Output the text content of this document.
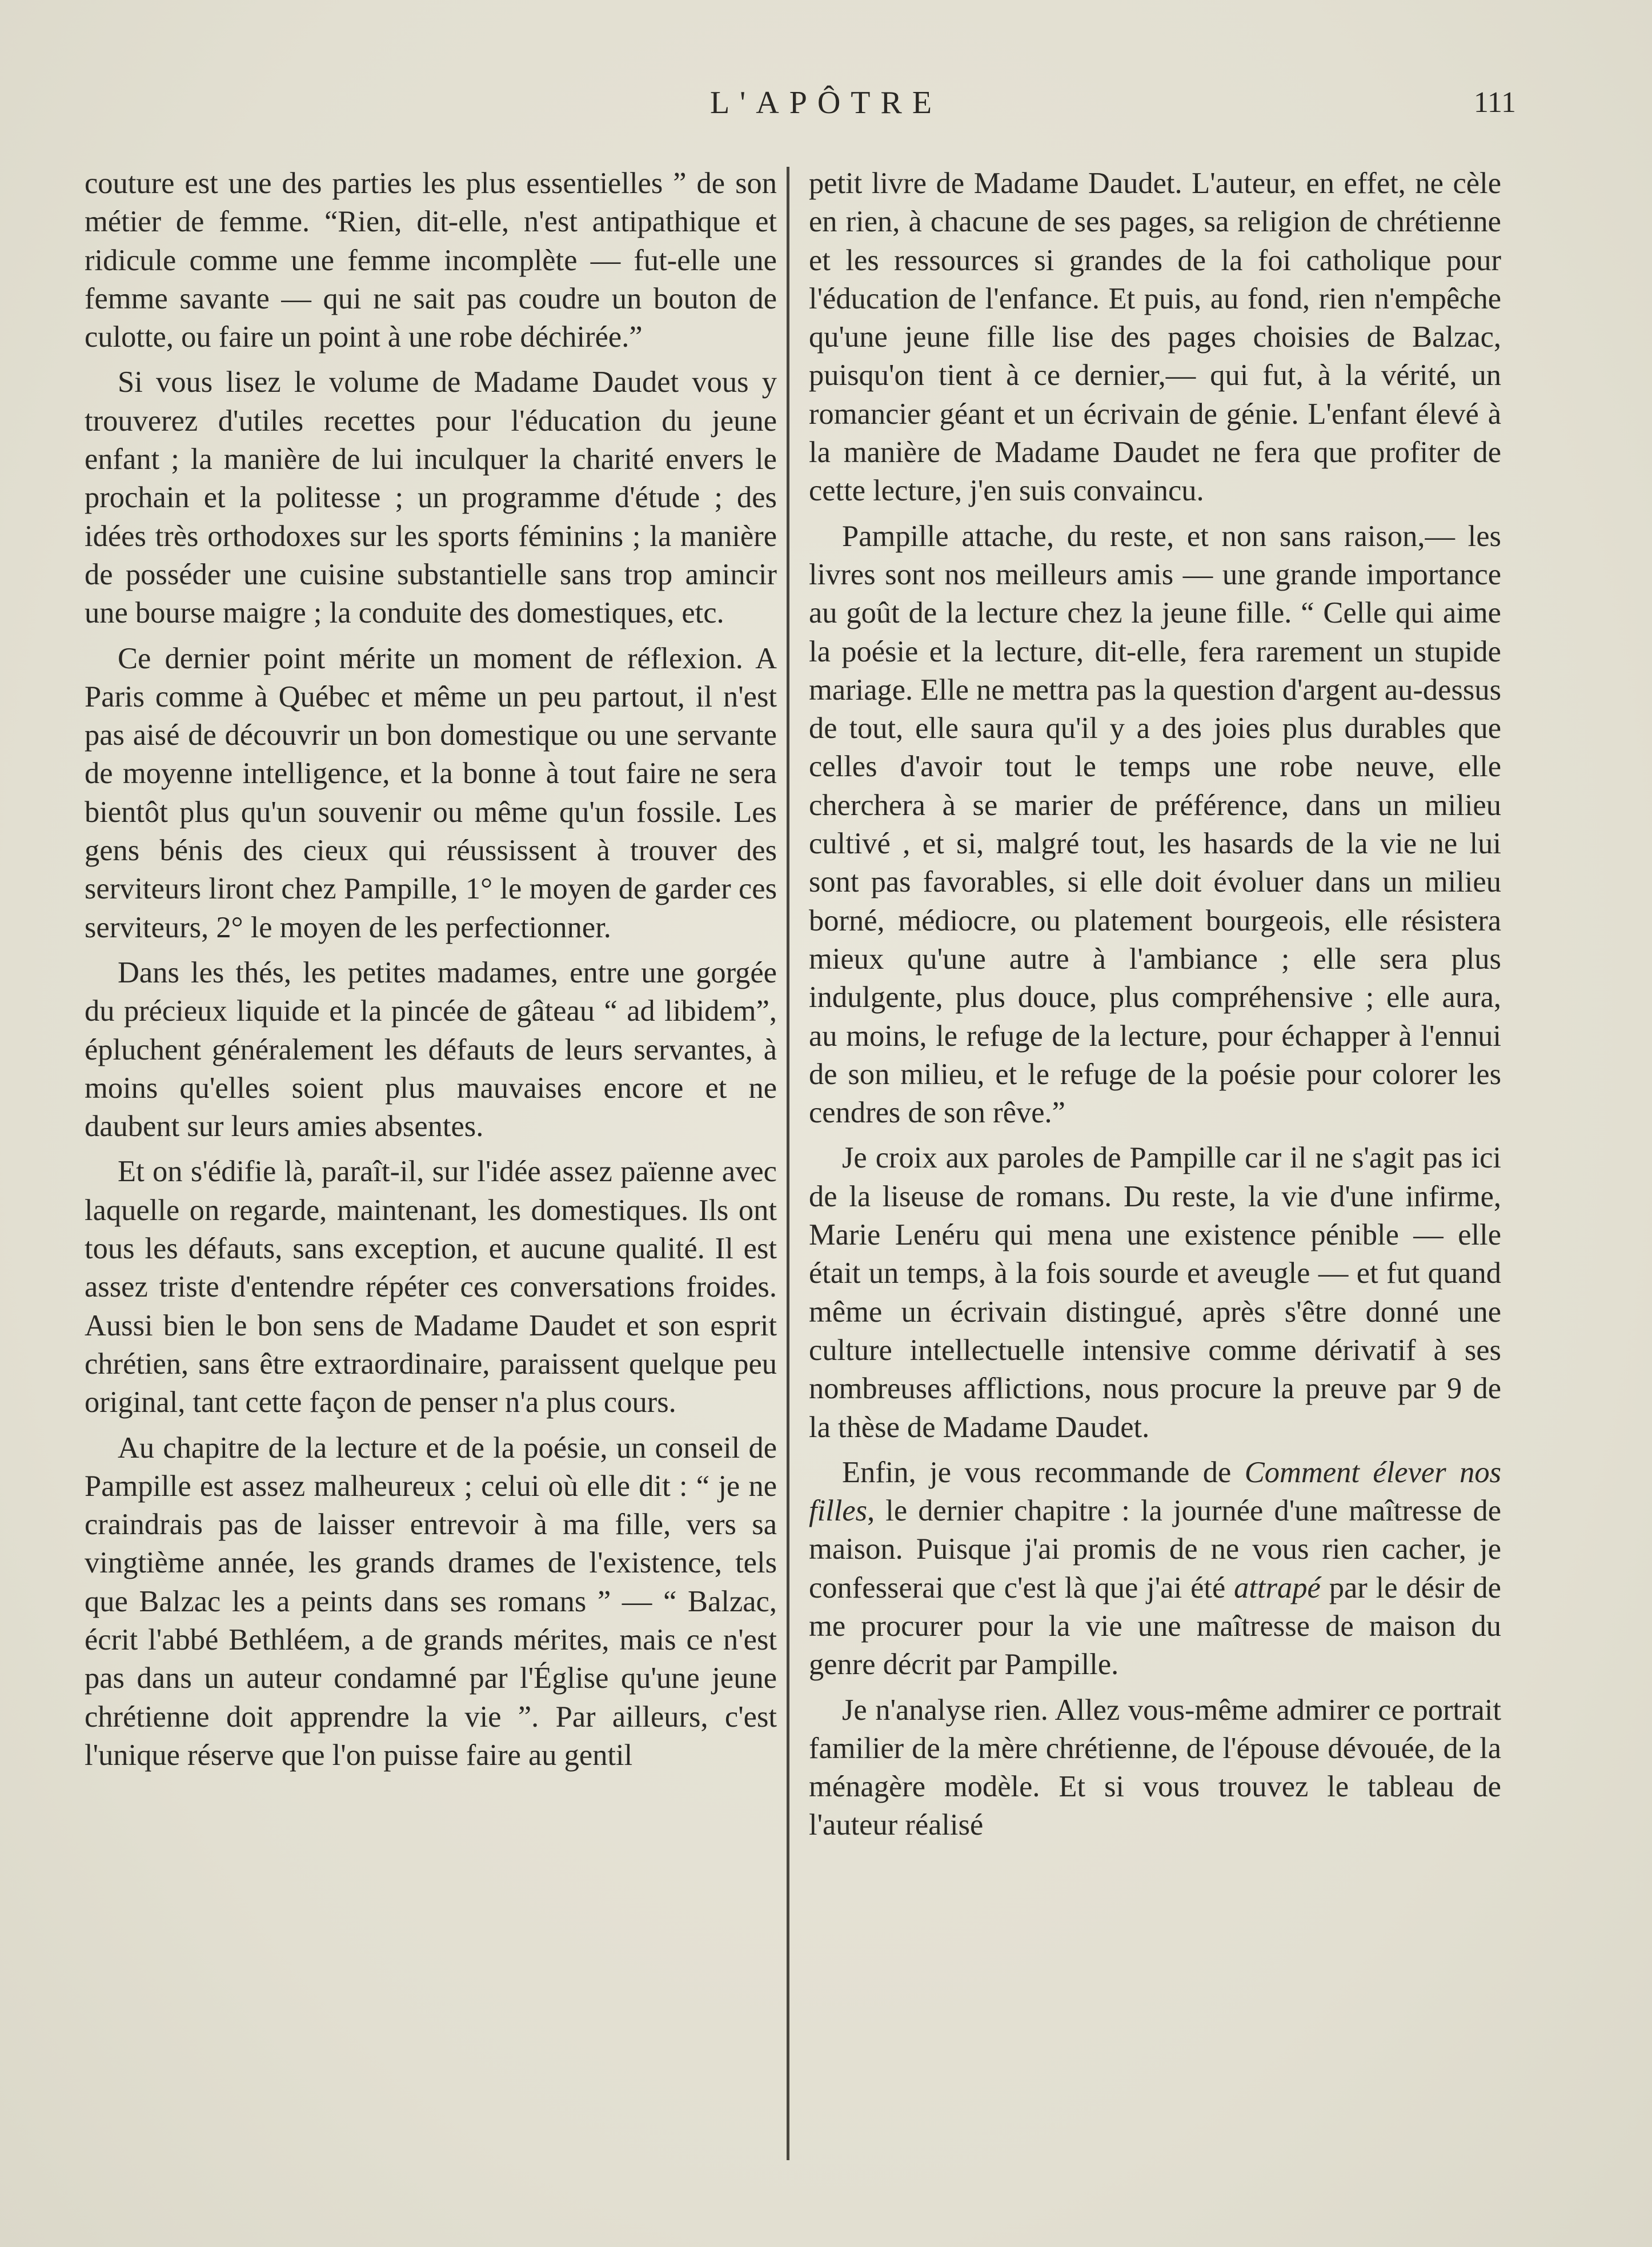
L'APÔTRE	111

couture est une des parties les plus essentielles ” de son métier de femme. “Rien, dit-elle, n'est antipathique et ridicule comme une femme incomplète — fut-elle une femme savante — qui ne sait pas coudre un bouton de culotte, ou faire un point à une robe déchirée.”

Si vous lisez le volume de Madame Daudet vous y trouverez d'utiles recettes pour l'éducation du jeune enfant ; la manière de lui inculquer la charité envers le prochain et la politesse ; un programme d'étude ; des idées très orthodoxes sur les sports féminins ; la manière de posséder une cuisine substantielle sans trop amincir une bourse maigre ; la conduite des domestiques, etc.

Ce dernier point mérite un moment de réflexion. A Paris comme à Québec et même un peu partout, il n'est pas aisé de découvrir un bon domestique ou une servante de moyenne intelligence, et la bonne à tout faire ne sera bientôt plus qu'un souvenir ou même qu'un fossile. Les gens bénis des cieux qui réussissent à trouver des serviteurs liront chez Pampille, 1° le moyen de garder ces serviteurs, 2° le moyen de les perfectionner.

Dans les thés, les petites madames, entre une gorgée du précieux liquide et la pincée de gâteau “ ad libidem”, épluchent généralement les défauts de leurs servantes, à moins qu'elles soient plus mauvaises encore et ne daubent sur leurs amies absentes.

Et on s'édifie là, paraît-il, sur l'idée assez païenne avec laquelle on regarde, maintenant, les domestiques. Ils ont tous les défauts, sans exception, et aucune qualité. Il est assez triste d'entendre répéter ces conversations froides. Aussi bien le bon sens de Madame Daudet et son esprit chrétien, sans être extraordinaire, paraissent quelque peu original, tant cette façon de penser n'a plus cours.

Au chapitre de la lecture et de la poésie, un conseil de Pampille est assez malheureux ; celui où elle dit : “ je ne craindrais pas de laisser entrevoir à ma fille, vers sa vingtième année, les grands drames de l'existence, tels que Balzac les a peints dans ses romans ” — “ Balzac, écrit l'abbé Bethléem, a de grands mérites, mais ce n'est pas dans un auteur condamné par l'Église qu'une jeune chrétienne doit apprendre la vie ”. Par ailleurs, c'est l'unique réserve que l'on puisse faire au gentil

petit livre de Madame Daudet. L'auteur, en effet, ne cèle en rien, à chacune de ses pages, sa religion de chrétienne et les ressources si grandes de la foi catholique pour l'éducation de l'enfance. Et puis, au fond, rien n'empêche qu'une jeune fille lise des pages choisies de Balzac, puisqu'on tient à ce dernier,— qui fut, à la vérité, un romancier géant et un écrivain de génie. L'enfant élevé à la manière de Madame Daudet ne fera que profiter de cette lecture, j'en suis convaincu.

Pampille attache, du reste, et non sans raison,— les livres sont nos meilleurs amis — une grande importance au goût de la lecture chez la jeune fille. “ Celle qui aime la poésie et la lecture, dit-elle, fera rarement un stupide mariage. Elle ne mettra pas la question d'argent au-dessus de tout, elle saura qu'il y a des joies plus durables que celles d'avoir tout le temps une robe neuve, elle cherchera à se marier de préférence, dans un milieu cultivé , et si, malgré tout, les hasards de la vie ne lui sont pas favorables, si elle doit évoluer dans un milieu borné, médiocre, ou platement bourgeois, elle résistera mieux qu'une autre à l'ambiance ; elle sera plus indulgente, plus douce, plus compréhensive ; elle aura, au moins, le refuge de la lecture, pour échapper à l'ennui de son milieu, et le refuge de la poésie pour colorer les cendres de son rêve.”

Je croix aux paroles de Pampille car il ne s'agit pas ici de la liseuse de romans. Du reste, la vie d'une infirme, Marie Lenéru qui mena une existence pénible — elle était un temps, à la fois sourde et aveugle — et fut quand même un écrivain distingué, après s'être donné une culture intellectuelle intensive comme dérivatif à ses nombreuses afflictions, nous procure la preuve par 9 de la thèse de Madame Daudet.

Enfin, je vous recommande de Comment élever nos filles, le dernier chapitre : la journée d'une maîtresse de maison. Puisque j'ai promis de ne vous rien cacher, je confesserai que c'est là que j'ai été attrapé par le désir de me procurer pour la vie une maîtresse de maison du genre décrit par Pampille.

Je n'analyse rien. Allez vous-même admirer ce portrait familier de la mère chrétienne, de l'épouse dévouée, de la ménagère modèle. Et si vous trouvez le tableau de l'auteur réalisé
